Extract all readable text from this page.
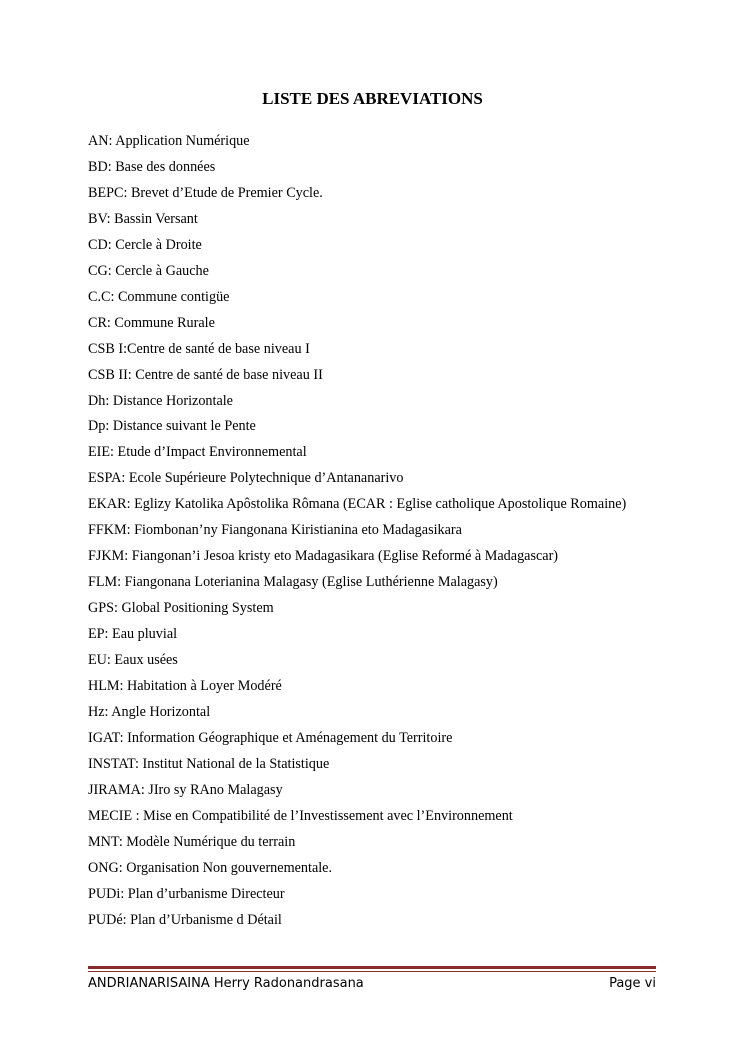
LISTE DES ABREVIATIONS
AN: Application Numérique
BD: Base des données
BEPC: Brevet d’Etude de Premier Cycle.
BV: Bassin Versant
CD: Cercle à Droite
CG: Cercle à Gauche
C.C: Commune contigüe
CR: Commune Rurale
CSB I:Centre de santé de base niveau I
CSB II: Centre de santé de base niveau II
Dh: Distance Horizontale
Dp: Distance suivant le Pente
EIE: Etude d’Impact Environnemental
ESPA: Ecole Supérieure Polytechnique d’Antananarivo
EKAR: Eglizy Katolika Apôstolika Rômana (ECAR : Eglise catholique Apostolique Romaine)
FFKM: Fiombonan’ny Fiangonana Kiristianina eto Madagasikara
FJKM: Fiangonan’i Jesoa kristy eto Madagasikara (Eglise Reformé à Madagascar)
FLM: Fiangonana Loterianina Malagasy (Eglise Luthérienne Malagasy)
GPS: Global Positioning System
EP: Eau pluvial
EU: Eaux usées
HLM: Habitation à Loyer Modéré
Hz: Angle Horizontal
IGAT: Information Géographique et Aménagement du Territoire
INSTAT: Institut National de la Statistique
JIRAMA: JIro sy RAno Malagasy
MECIE : Mise en Compatibilité de l’Investissement avec l’Environnement
MNT: Modèle Numérique du terrain
ONG: Organisation Non gouvernementale.
PUDi: Plan d’urbanisme Directeur
PUDé: Plan d’Urbanisme d Détail
ANDRIANARISAINA Herry Radonandrasana	Page vi
